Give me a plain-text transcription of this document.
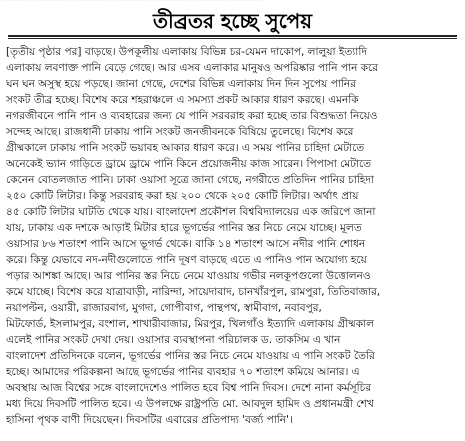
তীব্রতর হচ্ছে সুপেয়
[তৃতীয় পৃষ্ঠার পর] বাড়ছে। উপকূলীয় এলাকায় বিভিন্ন চর-যেমন দাকোপ, লালুয়া ইত্যাদি
এলাকায় লবণাক্ত পানি বেড়ে গেছে। আর এসব এলাকার মানুষও অপরিষ্কার পানি পান করে
ঘন ঘন অসুস্থ হয়ে পড়ছে। জানা গেছে, দেশের বিভিন্ন এলাকায় দিন দিন সুপেয় পানির
সংকট তীব্র হচ্ছে। বিশেষ করে শহরাঞ্চলে এ সমস্যা প্রকট আকার ধারণ করছে। এমনকি
নগরজীবনে পানি পান ও ব্যবহারের জন্য যে পানি সরবরাহ করা হচ্ছে তার বিশুদ্ধতা নিয়েও
সন্দেহ আছে। রাজধানী ঢাকায় পানি সংকট জনজীবনকে বিষিয়ে তুলেছে। বিশেষ করে
গ্রীষ্মকালে ঢাকায় পানি সংকট ভয়াবহ আকার ধারণ করে। এ সময় পানির চাহিদা মেটাতে
অনেকেই ভ্যান গাড়িতে ড্রামে ড্রামে পানি কিনে প্রয়োজনীয় কাজ সারেন। পিপাসা মেটাতে
কেনেন বোতলজাত পানি। ঢাকা ওয়াসা সূত্রে জানা গেছে, নগরীতে প্রতিদিন পানির চাহিদা
২৫০ কোটি লিটার। কিন্তু সরবরাহ করা হয় ২০০ থেকে ২০৫ কোটি লিটার। অর্থাৎ প্রায়
৪৫ কোটি লিটার ঘাটতি থেকে যায়। বাংলাদেশ প্রকৌশল বিশ্ববিদ্যালয়ের এক জরিপে জানা
যায়, ঢাকায় এক দশকে আড়াই মিটার হারে ভূগর্ভের পানির স্তর নিচে নেমে যাচ্ছে। মূলত
ওয়াসার ৮৬ শতাংশ পানি আসে ভূগর্ভ থেকে। বাকি ১৪ শতাংশ আসে নদীর পানি শোধন
করে। কিন্তু যেভাবে নদ-নদীগুলোতে পানি দূষণ বাড়ছে এতে এ পানিও পান অযোগ্য হয়ে
পড়ার আশঙ্কা আছে। আর পানির স্তর নিচে নেমে যাওয়ায় গভীর নলকূপগুলো উত্তোলনও
কমে যাচ্ছে। বিশেষ করে যাত্রাবাড়ী, নারিন্দা, সায়েদাবাদ, চানখাঁরপুল, রামপুরা, তিতিবাজার,
নয়াপল্টন, ওয়ারী, রাজারবাগ, মুগদা, গোপীবাগ, পান্থপথ, স্বামীবাগ, নবাবপুর,
মিটফোর্ড, ইসলামপুর, বংশাল, শাখারীবাজার, মিরপুর, খিলগাঁও ইত্যাদি এলাকায় গ্রীষ্মকাল
এলেই পানির সংকট দেখা দেয়। ওয়াসার ব্যবস্থাপনা পরিচালক ড. তাকসিম এ খান
বাংলাদেশ প্রতিদিনকে বলেন, ভূগর্ভের পানির স্তর নিচে নেমে যাওয়ায় এ পানি সংকট তৈরি
হচ্ছে। আমাদের পরিকল্পনা আছে ভূগর্ভের পানির ব্যবহার ৭০ শতাংশ কমিয়ে আনার। এ
অবস্থায় আজ বিশ্বের সঙ্গে বাংলাদেশেও পালিত হবে বিশ্ব পানি দিবস। দেশে নানা কর্মসূচির
মধ্য দিয়ে দিবসটি পালিত হবে। এ উপলক্ষে রাষ্ট্রপতি মো. আবদুল হামিদ ও প্রধানমন্ত্রী শেখ
হাসিনা পৃথক বাণী দিয়েছেন। দিবসটির এবারের প্রতিপাদ্য 'বর্জ্য পানি'।
